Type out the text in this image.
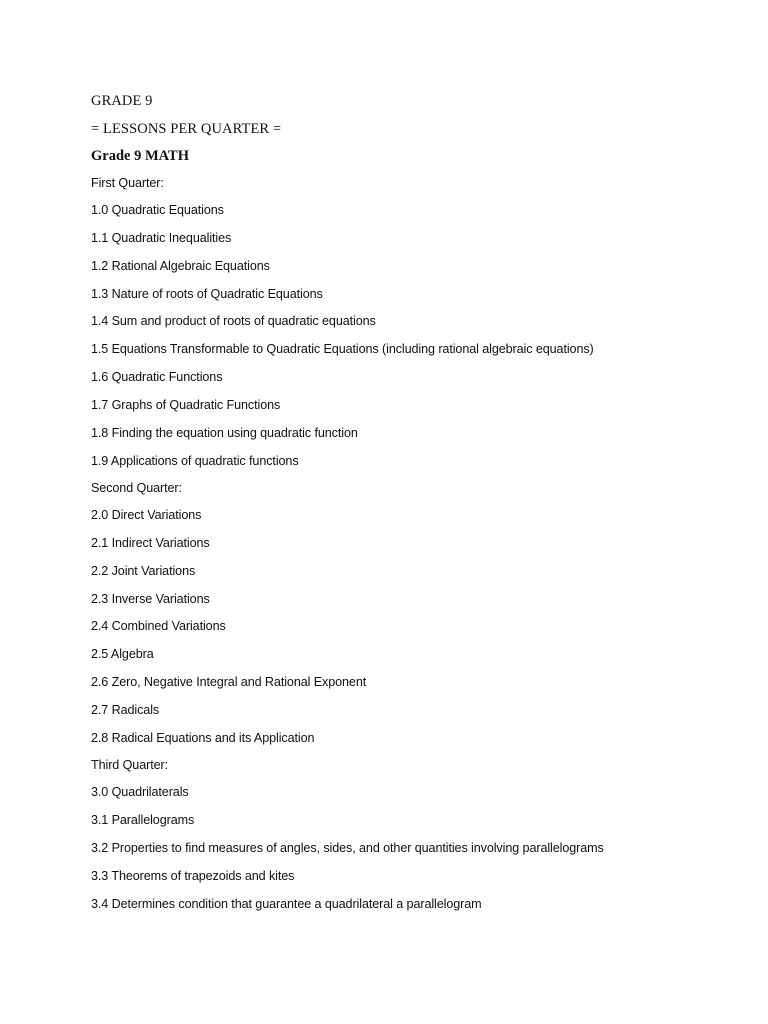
GRADE 9
= LESSONS PER QUARTER =
Grade 9 MATH
First Quarter:
1.0 Quadratic Equations
1.1 Quadratic Inequalities
1.2 Rational Algebraic Equations
1.3 Nature of roots of Quadratic Equations
1.4 Sum and product of roots of quadratic equations
1.5 Equations Transformable to Quadratic Equations (including rational algebraic equations)
1.6 Quadratic Functions
1.7 Graphs of Quadratic Functions
1.8 Finding the equation using quadratic function
1.9 Applications of quadratic functions
Second Quarter:
2.0 Direct Variations
2.1 Indirect Variations
2.2 Joint Variations
2.3 Inverse Variations
2.4 Combined Variations
2.5 Algebra
2.6 Zero, Negative Integral and Rational Exponent
2.7 Radicals
2.8 Radical Equations and its Application
Third Quarter:
3.0 Quadrilaterals
3.1 Parallelograms
3.2 Properties to find measures of angles, sides, and other quantities involving parallelograms
3.3 Theorems of trapezoids and kites
3.4 Determines condition that guarantee a quadrilateral a parallelogram
